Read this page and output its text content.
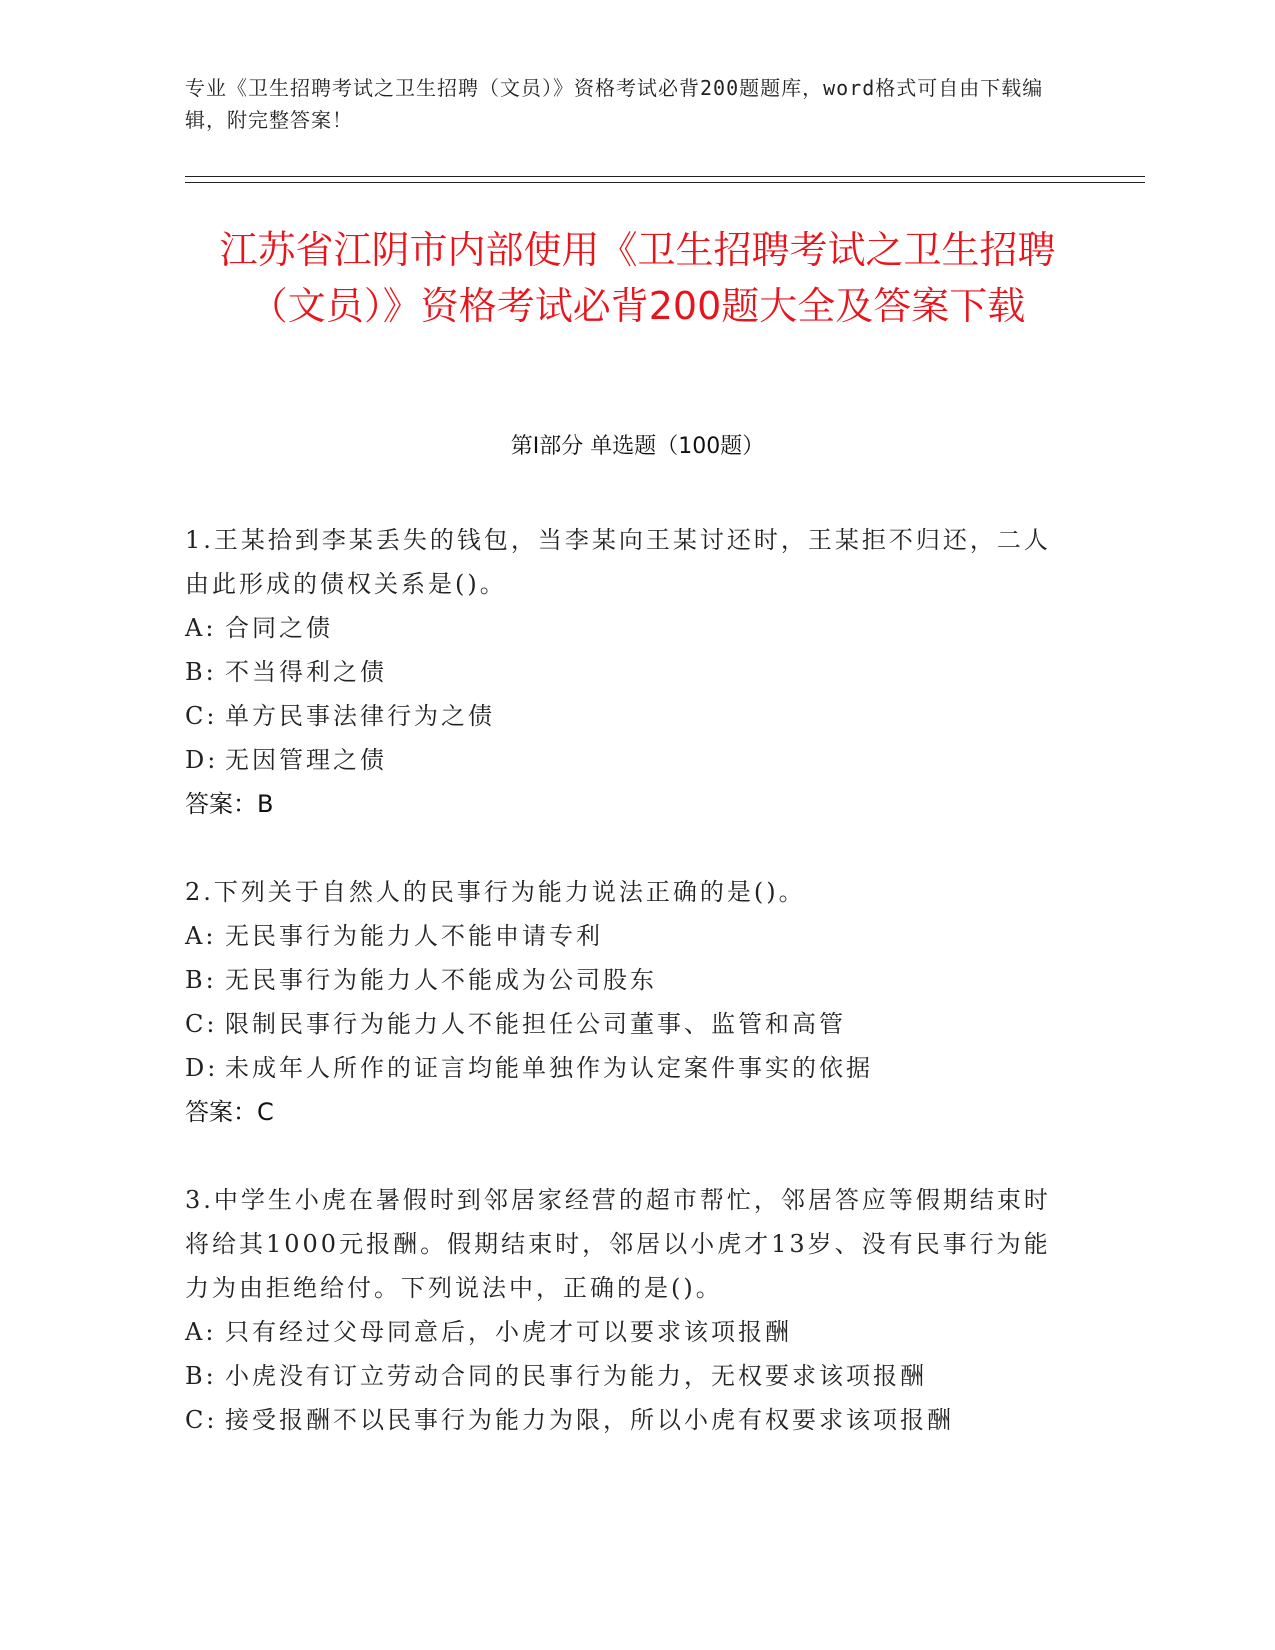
专业《卫生招聘考试之卫生招聘（文员）》资格考试必背200题题库，word格式可自由下载编辑，附完整答案！
江苏省江阴市内部使用《卫生招聘考试之卫生招聘（文员）》资格考试必背200题大全及答案下载
第I部分 单选题（100题）
1.王某拾到李某丢失的钱包，当李某向王某讨还时，王某拒不归还，二人由此形成的债权关系是()。
A: 合同之债
B: 不当得利之债
C: 单方民事法律行为之债
D: 无因管理之债
答案：B
2.下列关于自然人的民事行为能力说法正确的是()。
A: 无民事行为能力人不能申请专利
B: 无民事行为能力人不能成为公司股东
C: 限制民事行为能力人不能担任公司董事、监管和高管
D: 未成年人所作的证言均能单独作为认定案件事实的依据
答案：C
3.中学生小虎在暑假时到邻居家经营的超市帮忙，邻居答应等假期结束时将给其1000元报酬。假期结束时，邻居以小虎才13岁、没有民事行为能力为由拒绝给付。下列说法中，正确的是()。
A: 只有经过父母同意后，小虎才可以要求该项报酬
B: 小虎没有订立劳动合同的民事行为能力，无权要求该项报酬
C: 接受报酬不以民事行为能力为限，所以小虎有权要求该项报酬
